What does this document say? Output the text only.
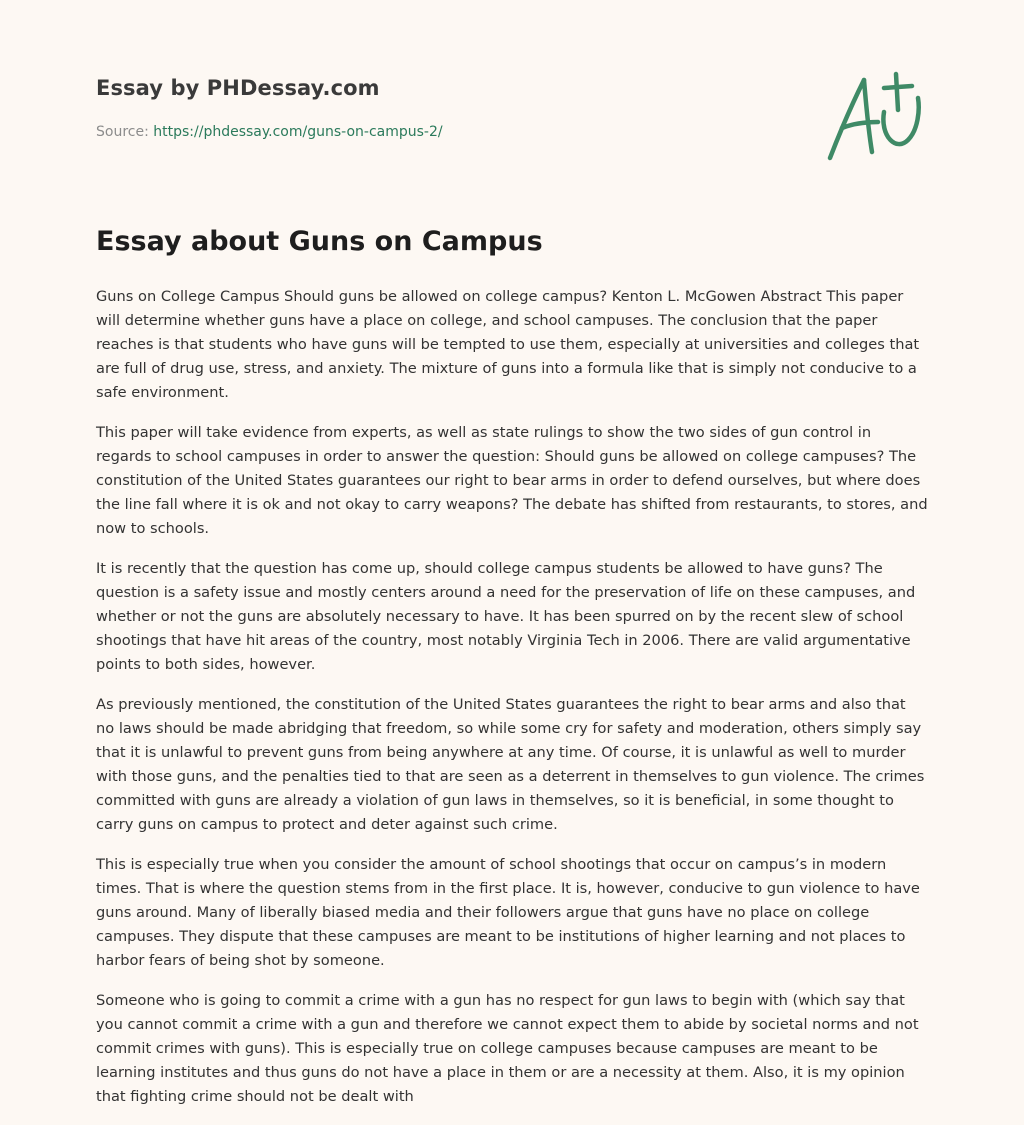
Essay by PHDessay.com
Source: https://phdessay.com/guns-on-campus-2/
Essay about Guns on Campus

Guns on College Campus Should guns be allowed on college campus? Kenton L. McGowen Abstract This paper will determine whether guns have a place on college, and school campuses. The conclusion that the paper reaches is that students who have guns will be tempted to use them, especially at universities and colleges that are full of drug use, stress, and anxiety. The mixture of guns into a formula like that is simply not conducive to a safe environment.

This paper will take evidence from experts, as well as state rulings to show the two sides of gun control in regards to school campuses in order to answer the question: Should guns be allowed on college campuses? The constitution of the United States guarantees our right to bear arms in order to defend ourselves, but where does the line fall where it is ok and not okay to carry weapons? The debate has shifted from restaurants, to stores, and now to schools.

It is recently that the question has come up, should college campus students be allowed to have guns? The question is a safety issue and mostly centers around a need for the preservation of life on these campuses, and whether or not the guns are absolutely necessary to have. It has been spurred on by the recent slew of school shootings that have hit areas of the country, most notably Virginia Tech in 2006. There are valid argumentative points to both sides, however.

As previously mentioned, the constitution of the United States guarantees the right to bear arms and also that no laws should be made abridging that freedom, so while some cry for safety and moderation, others simply say that it is unlawful to prevent guns from being anywhere at any time. Of course, it is unlawful as well to murder with those guns, and the penalties tied to that are seen as a deterrent in themselves to gun violence. The crimes committed with guns are already a violation of gun laws in themselves, so it is beneficial, in some thought to carry guns on campus to protect and deter against such crime.

This is especially true when you consider the amount of school shootings that occur on campus’s in modern times. That is where the question stems from in the first place. It is, however, conducive to gun violence to have guns around. Many of liberally biased media and their followers argue that guns have no place on college campuses. They dispute that these campuses are meant to be institutions of higher learning and not places to harbor fears of being shot by someone.

Someone who is going to commit a crime with a gun has no respect for gun laws to begin with (which say that you cannot commit a crime with a gun and therefore we cannot expect them to abide by societal norms and not commit crimes with guns). This is especially true on college campuses because campuses are meant to be learning institutes and thus guns do not have a place in them or are a necessity at them. Also, it is my opinion that fighting crime should not be dealt with
